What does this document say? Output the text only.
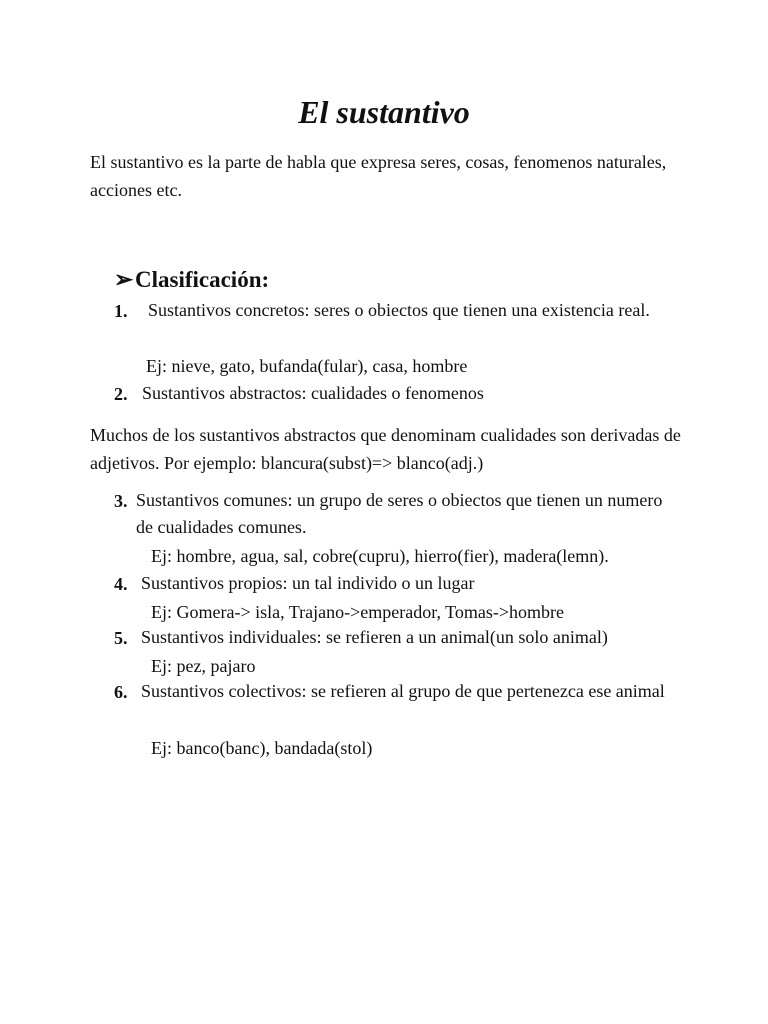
El sustantivo

El sustantivo es la parte de habla que expresa seres, cosas, fenomenos naturales, acciones etc.

➢Clasificación:
1.	Sustantivos concretos: seres o obiectos que tienen una existencia real.

Ej: nieve, gato, bufanda(fular), casa, hombre
2. Sustantivos abstractos: cualidades o fenomenos

Muchos de los sustantivos abstractos que denominam cualidades son derivadas de adjetivos. Por ejemplo: blancura(subst)=> blanco(adj.)

3. Sustantivos comunes: un grupo de seres o obiectos que tienen un numero de cualidades comunes.

Ej: hombre, agua, sal, cobre(cupru), hierro(fier), madera(lemn).
4. Sustantivos propios: un tal individo o un lugar

Ej: Gomera-> isla, Trajano->emperador, Tomas->hombre
5. Sustantivos individuales: se refieren a un animal(un solo animal)

Ej: pez, pajaro
6. Sustantivos colectivos: se refieren al grupo de que pertenezca ese animal

Ej: banco(banc), bandada(stol)
